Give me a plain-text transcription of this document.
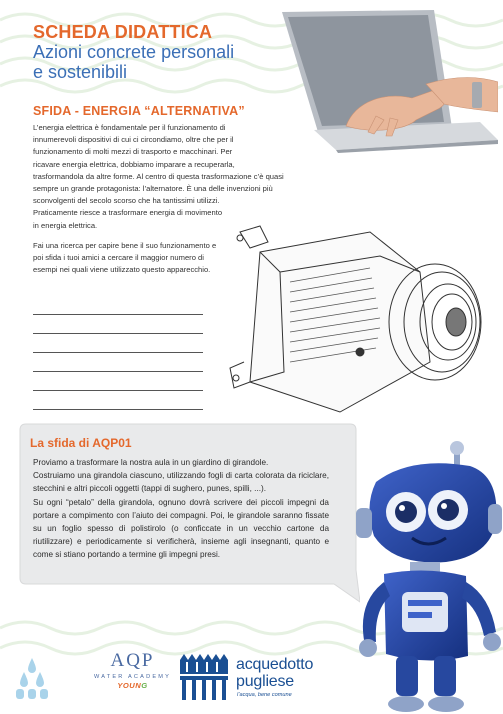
SCHEDA DIDATTICA
Azioni concrete personali
e sostenibili
SFIDA - ENERGIA “ALTERNATIVA”
L’energia elettrica è fondamentale per il funzionamento di
innumerevoli dispositivi di cui ci circondiamo, oltre che per il
funzionamento di molti mezzi di trasporto e macchinari. Per
ricavare energia elettrica, dobbiamo imparare a recuperarla,
trasformandola da altre forme. Al centro di questa trasformazione c’è quasi
sempre un grande protagonista: l’alternatore. È una delle invenzioni più
sconvolgenti del secolo scorso che ha tantissimi utilizzi.
Praticamente riesce a trasformare energia di movimento
in energia elettrica.
Fai una ricerca per capire bene il suo funzionamento e
poi sfida i tuoi amici a cercare il maggior numero di
esempi nei quali viene utilizzato questo apparecchio.
La sfida di AQP01

Proviamo a trasformare la nostra aula in un giardino di girandole.

Costruiamo una girandola ciascuno, utilizzando fogli di carta colorata da riciclare, stecchini e altri piccoli oggetti (tappi di sughero, punes, spilli, ...).

Su ogni “petalo” della girandola, ognuno dovrà scrivere dei piccoli impegni da portare a compimento con l’aiuto dei compagni. Poi, le girandole saranno fissate su un foglio spesso di polistirolo (o conficcate in un vecchio cartone da riutilizzare) e periodicamente si verificherà, insieme agli insegnanti, quanto e come si stiano portando a termine gli impegni presi.

AQP
WATER ACADEMY
YOUNG
acquedotto
pugliese
l’acqua, bene comune
